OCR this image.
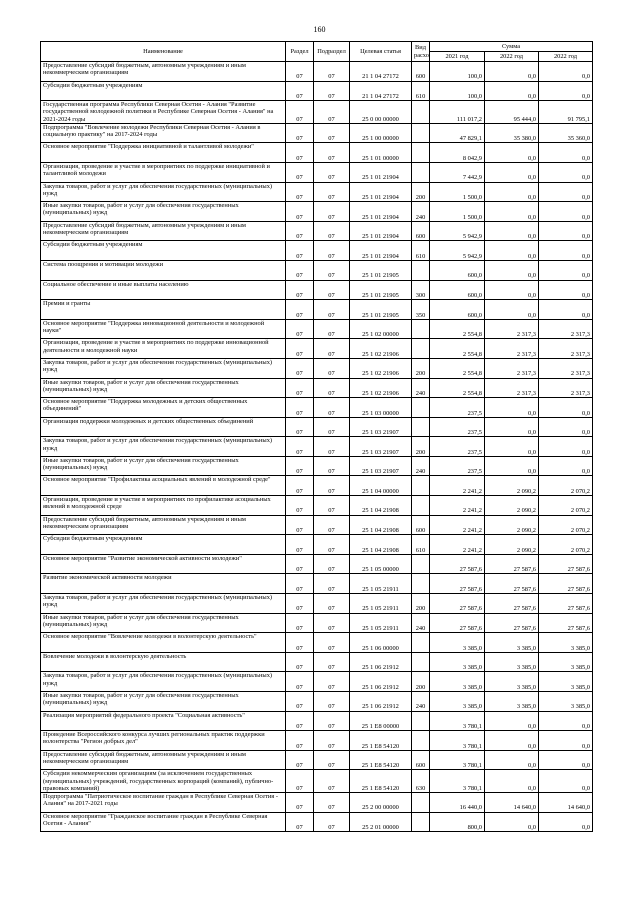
160
Наименование	Раздел	Подраздел	Целевая статья	Вид расхо	Сумма		
					2021 год	2022 год	2022 год
Предоставление субсидий бюджетным, автономным учреждениям и иным некоммерческим организациям	07	07	21 1 04 27172	600	100,0	0,0	0,0
Субсидии бюджетным учреждениям	07	07	21 1 04 27172	610	100,0	0,0	0,0
Государственная программа Республики Северная Осетия - Алания "Развитие государственной молодежной политики в Республике Северная Осетия - Алания" на 2021-2024 годы	07	07	25 0 00 00000		111 017,2	95 444,0	91 795,1
Подпрограмма "Вовлечение молодежи Республики Северная Осетия - Алания в социальную практику" на 2017-2024 годы	07	07	25 1 00 00000		47 829,1	35 380,0	35 360,0
Основное мероприятие "Поддержка инициативной и талантливой молодежи"	07	07	25 1 01 00000		8 042,9	0,0	0,0
Организация, проведение и участие в мероприятиях по поддержке инициативной и талантливой молодежи	07	07	25 1 01 21904		7 442,9	0,0	0,0
Закупка товаров, работ и услуг для обеспечения государственных (муниципальных) нужд	07	07	25 1 01 21904	200	1 500,0	0,0	0,0
Иные закупки товаров, работ и услуг для обеспечения государственных (муниципальных) нужд	07	07	25 1 01 21904	240	1 500,0	0,0	0,0
Предоставление субсидий бюджетным, автономным учреждениям и иным некоммерческим организациям	07	07	25 1 01 21904	600	5 942,9	0,0	0,0
Субсидии бюджетным учреждениям	07	07	25 1 01 21904	610	5 942,9	0,0	0,0
Система поощрения и мотивации молодежи	07	07	25 1 01 21905		600,0	0,0	0,0
Социальное обеспечение и иные выплаты населению	07	07	25 1 01 21905	300	600,0	0,0	0,0
Премии и гранты	07	07	25 1 01 21905	350	600,0	0,0	0,0
Основное мероприятие "Поддержка инновационной деятельности и молодежной науки"	07	07	25 1 02 00000		2 554,8	2 317,3	2 317,3
Организация, проведение и участие в мероприятиях по поддержке инновационной деятельности и молодежной науки	07	07	25 1 02 21906		2 554,8	2 317,3	2 317,3
Закупка товаров, работ и услуг для обеспечения государственных (муниципальных) нужд	07	07	25 1 02 21906	200	2 554,8	2 317,3	2 317,3
Иные закупки товаров, работ и услуг для обеспечения государственных (муниципальных) нужд	07	07	25 1 02 21906	240	2 554,8	2 317,3	2 317,3
Основное мероприятие "Поддержка молодежных и детских общественных объединений"	07	07	25 1 03 00000		237,5	0,0	0,0
Организация поддержки молодежных и детских общественных объединений	07	07	25 1 03 21907		237,5	0,0	0,0
Закупка товаров, работ и услуг для обеспечения государственных (муниципальных) нужд	07	07	25 1 03 21907	200	237,5	0,0	0,0
Иные закупки товаров, работ и услуг для обеспечения государственных (муниципальных) нужд	07	07	25 1 03 21907	240	237,5	0,0	0,0
Основное мероприятие "Профилактика асоциальных явлений в молодежной среде"	07	07	25 1 04 00000		2 241,2	2 090,2	2 070,2
Организация, проведение и участие в мероприятиях по профилактике асоциальных явлений в молодежной среде	07	07	25 1 04 21908		2 241,2	2 090,2	2 070,2
Предоставление субсидий бюджетным, автономным учреждениям и иным некоммерческим организациям	07	07	25 1 04 21908	600	2 241,2	2 090,2	2 070,2
Субсидии бюджетным учреждениям	07	07	25 1 04 21908	610	2 241,2	2 090,2	2 070,2
Основное мероприятие "Развитие экономической активности молодежи"	07	07	25 1 05 00000		27 587,6	27 587,6	27 587,6
Развитие экономической активности молодежи	07	07	25 1 05 21911		27 587,6	27 587,6	27 587,6
Закупка товаров, работ и услуг для обеспечения государственных (муниципальных) нужд	07	07	25 1 05 21911	200	27 587,6	27 587,6	27 587,6
Иные закупки товаров, работ и услуг для обеспечения государственных (муниципальных) нужд	07	07	25 1 05 21911	240	27 587,6	27 587,6	27 587,6
Основное мероприятие "Вовлечение молодежи в волонтерскую деятельность"	07	07	25 1 06 00000		3 385,0	3 385,0	3 385,0
Вовлечение молодежи в волонтерскую деятельность	07	07	25 1 06 21912		3 385,0	3 385,0	3 385,0
Закупка товаров, работ и услуг для обеспечения государственных (муниципальных) нужд	07	07	25 1 06 21912	200	3 385,0	3 385,0	3 385,0
Иные закупки товаров, работ и услуг для обеспечения государственных (муниципальных) нужд	07	07	25 1 06 21912	240	3 385,0	3 385,0	3 385,0
Реализация мероприятий федерального проекта "Социальная активность"	07	07	25 1 E8 00000		3 780,1	0,0	0,0
Проведение Всероссийского конкурса лучших региональных практик поддержки волонтерства "Регион добрых дел"	07	07	25 1 E8 54120		3 780,1	0,0	0,0
Предоставление субсидий бюджетным, автономным учреждениям и иным некоммерческим организациям	07	07	25 1 E8 54120	600	3 780,1	0,0	0,0
Субсидии некоммерческим организациям (за исключением государственных (муниципальных) учреждений, государственных корпораций (компаний), публично-правовых компаний)	07	07	25 1 E8 54120	630	3 780,1	0,0	0,0
Подпрограмма "Патриотическое воспитание граждан в Республике Северная Осетия - Алания" на 2017-2021 годы	07	07	25 2 00 00000		16 440,0	14 640,0	14 640,0
Основное мероприятие "Гражданское воспитание граждан в Республике Северная Осетия - Алания"	07	07	25 2 01 00000		800,0	0,0	0,0
